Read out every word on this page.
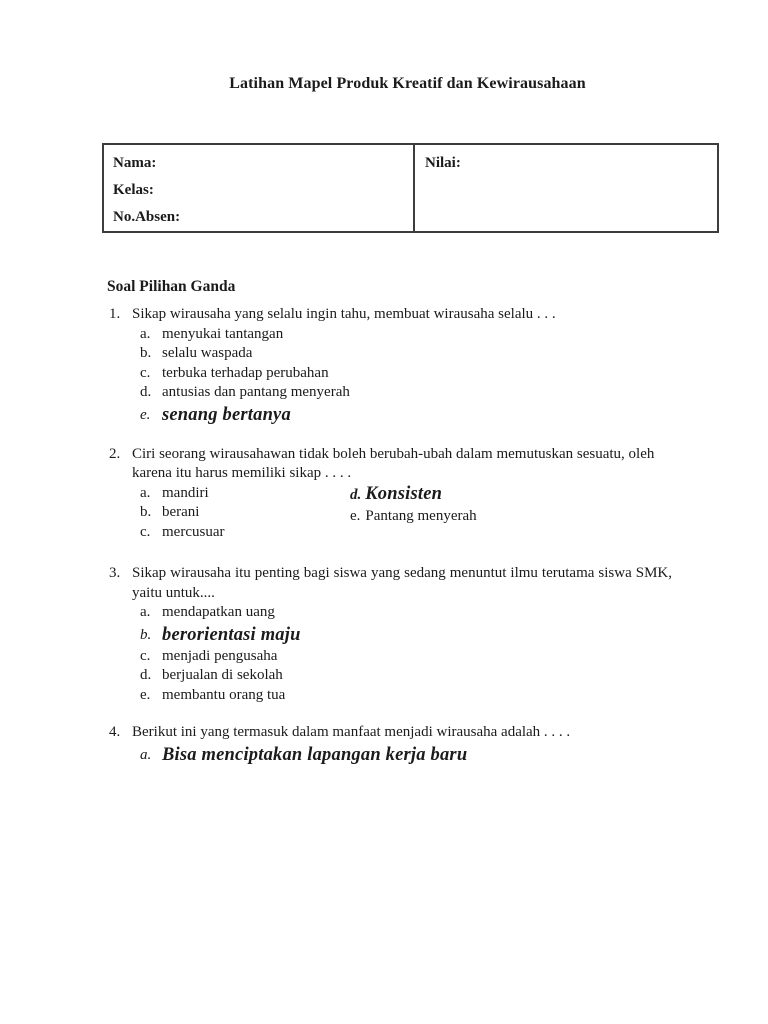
Latihan Mapel Produk Kreatif dan Kewirausahaan
Nama:
Kelas:
No.Absen:

Nilai:
Soal Pilihan Ganda
1. Sikap wirausaha yang selalu ingin tahu, membuat wirausaha selalu . . .
a. menyukai tantangan
b. selalu waspada
c. terbuka terhadap perubahan
d. antusias dan pantang menyerah
e. senang bertanya
2. Ciri seorang wirausahawan tidak boleh berubah-ubah dalam memutuskan sesuatu, oleh karena itu harus memiliki sikap . . . .
a. mandiri
b. berani
c. mercusuar
d. Konsisten
e. Pantang menyerah
3. Sikap wirausaha itu penting bagi siswa yang sedang menuntut ilmu terutama siswa SMK, yaitu untuk....
a. mendapatkan uang
b. berorientasi maju
c. menjadi pengusaha
d. berjualan di sekolah
e. membantu orang tua
4. Berikut ini yang termasuk dalam manfaat menjadi wirausaha adalah . . . .
a. Bisa menciptakan lapangan kerja baru
